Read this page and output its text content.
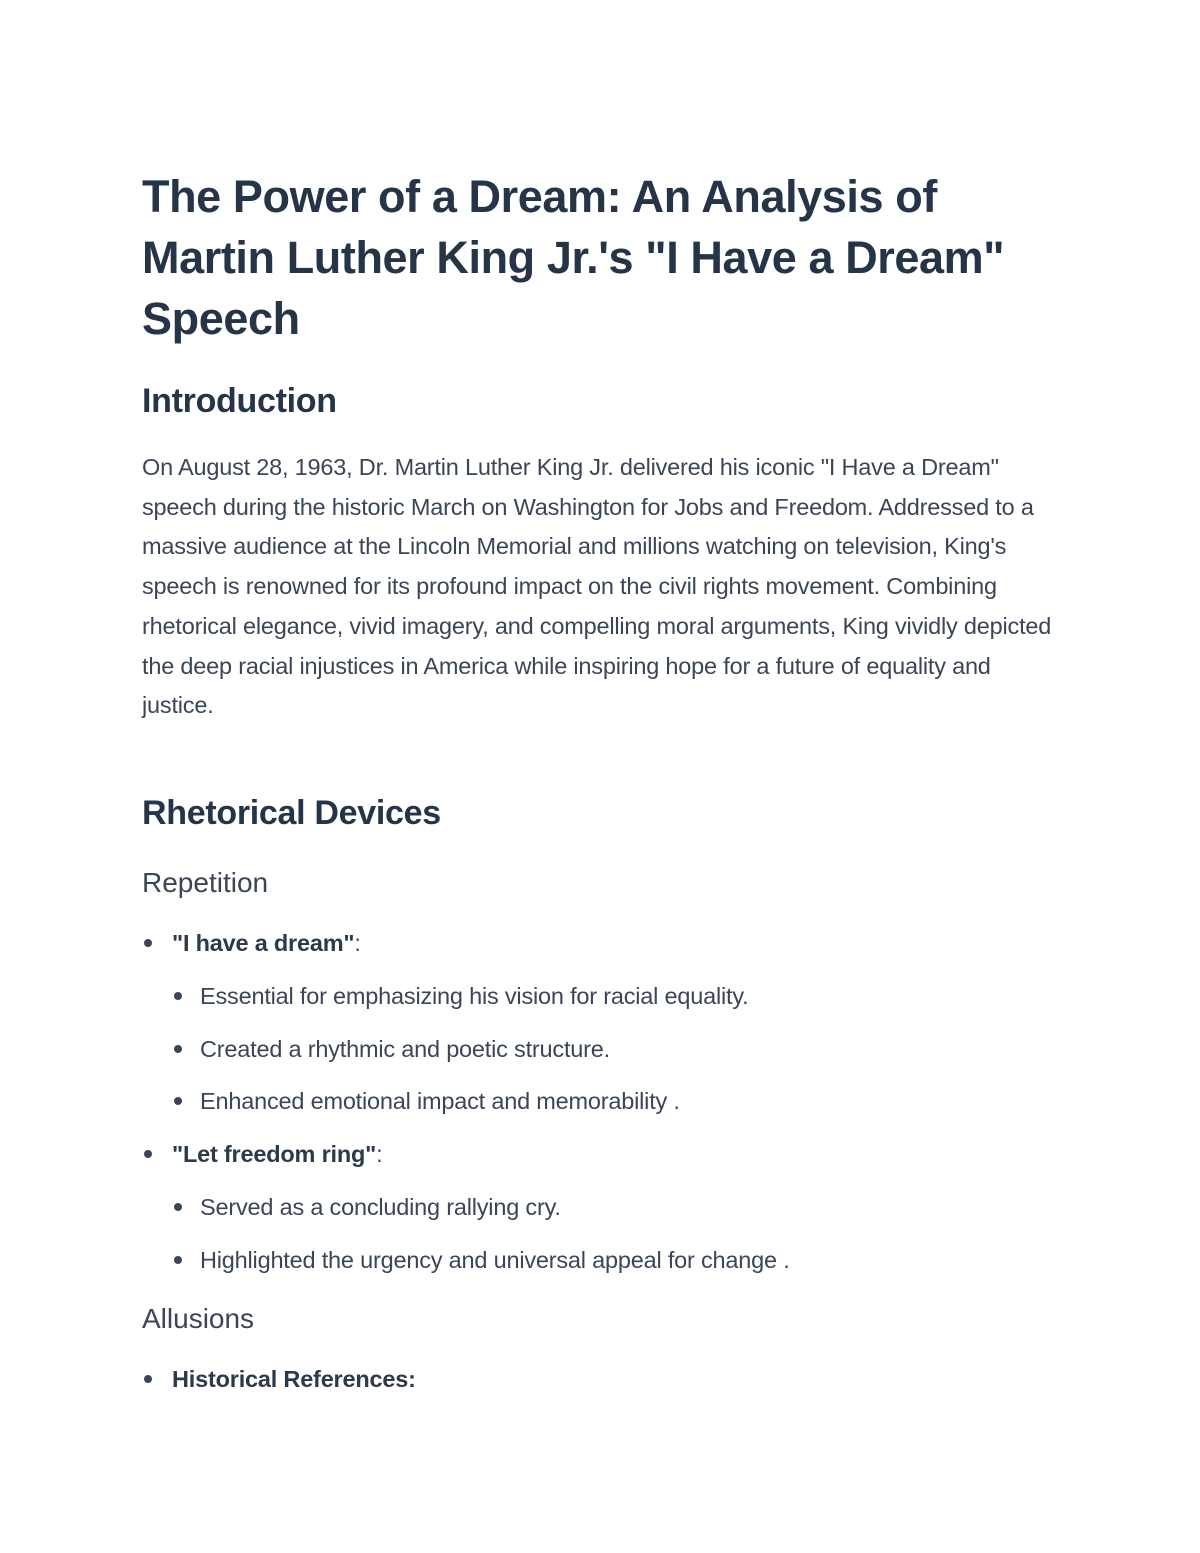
The Power of a Dream: An Analysis of Martin Luther King Jr.'s "I Have a Dream" Speech
Introduction

On August 28, 1963, Dr. Martin Luther King Jr. delivered his iconic "I Have a Dream" speech during the historic March on Washington for Jobs and Freedom. Addressed to a massive audience at the Lincoln Memorial and millions watching on television, King's speech is renowned for its profound impact on the civil rights movement. Combining rhetorical elegance, vivid imagery, and compelling moral arguments, King vividly depicted the deep racial injustices in America while inspiring hope for a future of equality and justice.

Rhetorical Devices
Repetition
"I have a dream":
Essential for emphasizing his vision for racial equality.
Created a rhythmic and poetic structure.
Enhanced emotional impact and memorability .
"Let freedom ring":
Served as a concluding rallying cry.
Highlighted the urgency and universal appeal for change .
Allusions
Historical References:
